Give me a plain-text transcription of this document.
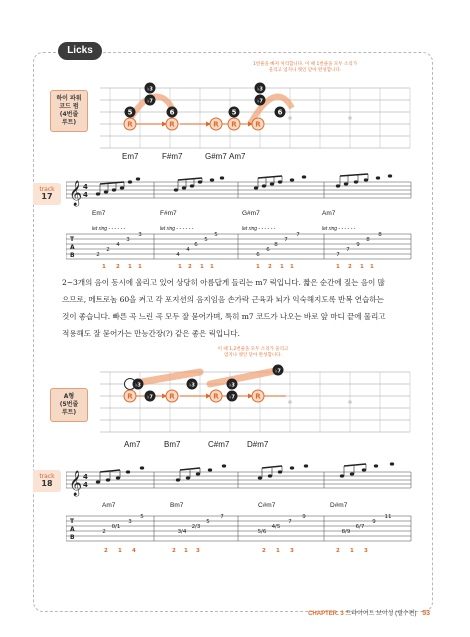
Licks
하이 파워
코드 펌
(4번줄
루트)
1번줄을 빠져 처리합니다. 이 때 1번줄을 모두 소리가
울리고 엄지나 멧인 닫아 완성합니다.
5
R
♭3
♭7
6
R	R
5
R
♭3
♭7
6
R
Em7	F#m7	G#m7 Am7
track
17 𝄞 4
4
Em7	F#m7	G#m7	Am7
let ring - - - - - -	let ring - - - - - -	let ring - - - - - -	let ring - - - - - -
T
A
B	2
2
4
3
3
4
4
6
5
5
6
6
8
7
7
7
7
9
8
8
1 2 1 1	1 2 1 1	1 2 1 1	1 2 1 1
2~3개의 음이 동시에 울리고 있어 상당히 아름답게 들리는 m7 릭입니다. 짧은 순간에 짚는 음이 많
으므로, 메트로놈 60을 켜고 각 포지션의 음지임음 손가락 근육과 뇌가 익숙해지도록 반복 연습하는
것이 좋습니다. 빠른 곡 느린 곡 모두 잘 묻어가며, 특히 m7 코드가 나오는 바로 앞 마디 끝에 물리고
적용해도 잘 묻어가는 만능간장(?) 같은 좋은 릭입니다.
이 때 1,2번줄을 모두 소리가 울리고
엄지나 멧인 닫아 완성합니다.
A형
(5번줄
루트)
♭3
R	♭7 R
♭3
R
♭3
♭7	R
♭7
Am7	Bm7	C#m7 D#m7
track
18 𝄞 4
4
Am7	Bm7	C#m7	D#m7
T
A
B
2
0/1
3
5
3/4
2/3
5
7
5/6
4/5
7
9
8/9
6/7
9
11
2 1 4	2 1 3	2 1 3	2 1 3
CHAPTER. 3 트라이어드 보이싱 (릴수편) 53
